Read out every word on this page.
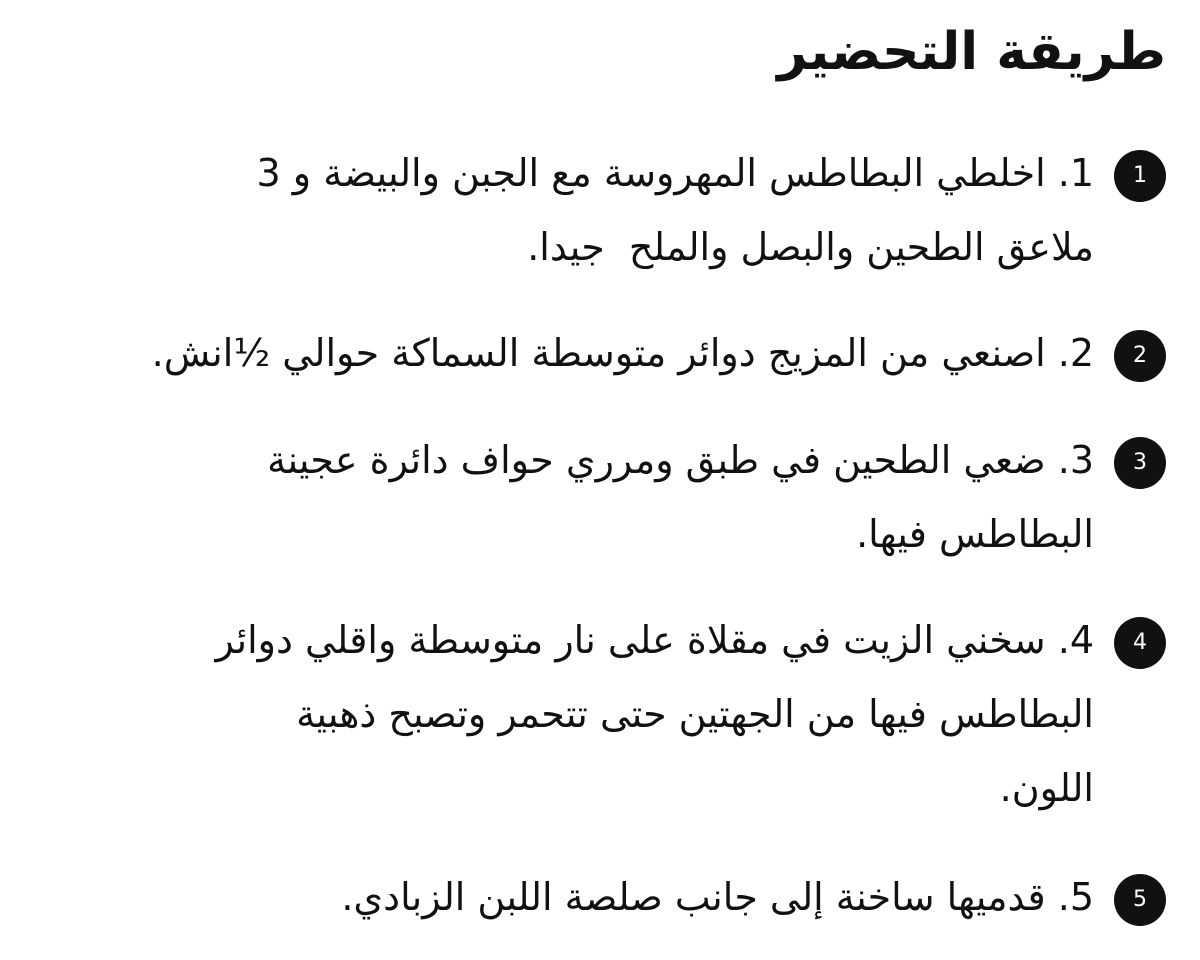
طريقة التحضير
1
1. اخلطي البطاطس المهروسة مع الجبن والبيضة و 3
ملاعق الطحين والبصل والملح  جيدا.
2
2. اصنعي من المزيج دوائر متوسطة السماكة حوالي ½انش.
3
3. ضعي الطحين في طبق ومرري حواف دائرة عجينة
البطاطس فيها.
4
4. سخني الزيت في مقلاة على نار متوسطة واقلي دوائر
البطاطس فيها من الجهتين حتى تتحمر وتصبح ذهبية
اللون.
5
5. قدميها ساخنة إلى جانب صلصة اللبن الزبادي.
